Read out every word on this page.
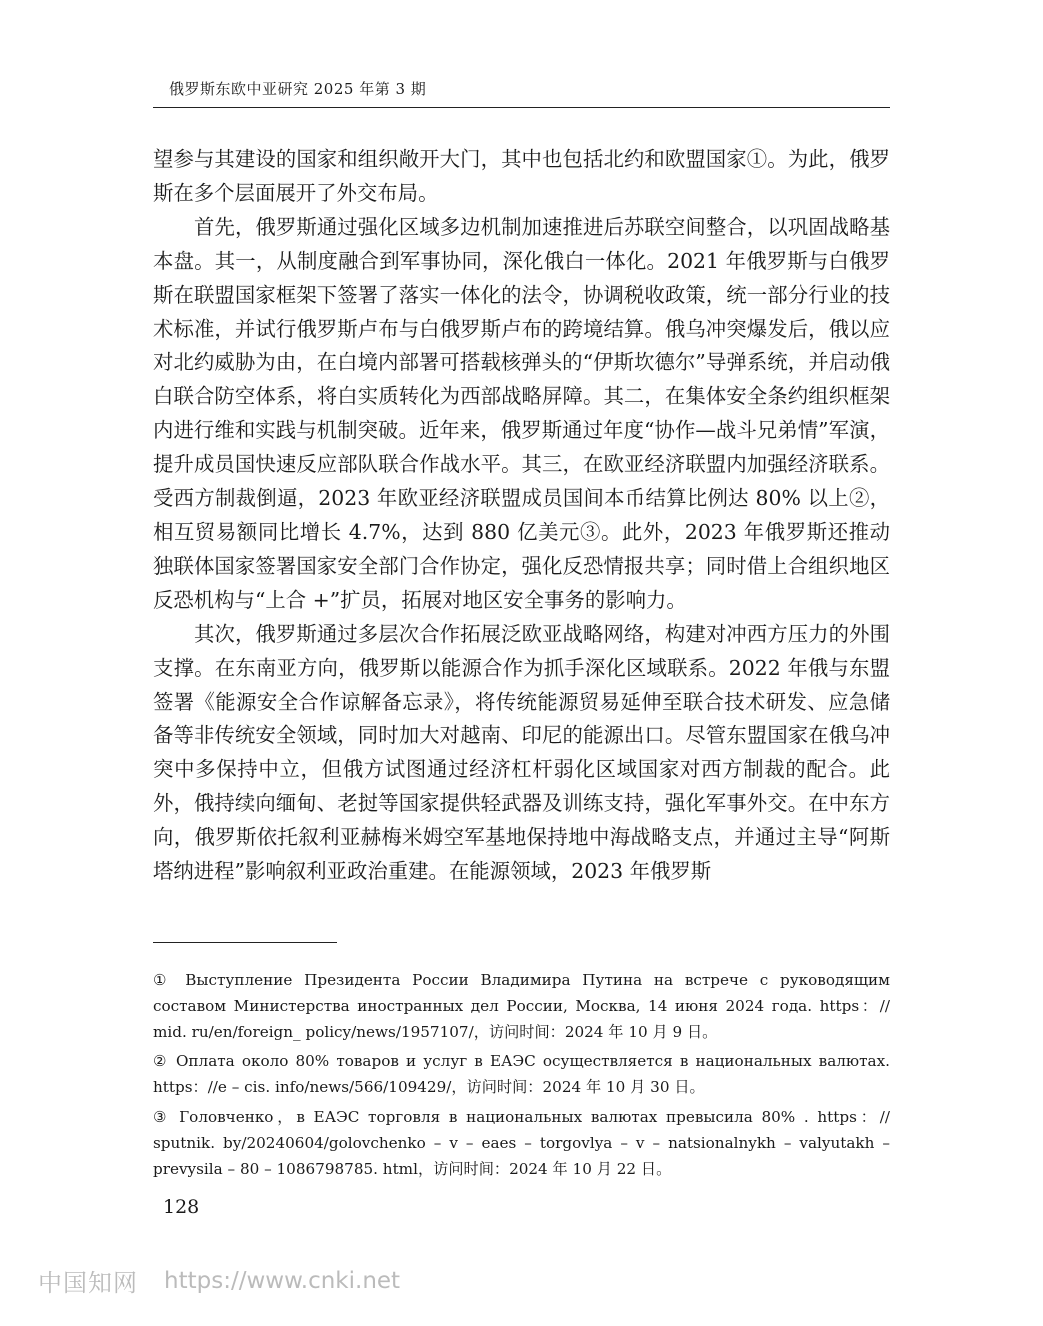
俄罗斯东欧中亚研究 2025 年第 3 期

望参与其建设的国家和组织敞开大门，其中也包括北约和欧盟国家①。为此，俄罗斯在多个层面展开了外交布局。

首先，俄罗斯通过强化区域多边机制加速推进后苏联空间整合，以巩固战略基本盘。其一，从制度融合到军事协同，深化俄白一体化。2021 年俄罗斯与白俄罗斯在联盟国家框架下签署了落实一体化的法令，协调税收政策，统一部分行业的技术标准，并试行俄罗斯卢布与白俄罗斯卢布的跨境结算。俄乌冲突爆发后，俄以应对北约威胁为由，在白境内部署可搭载核弹头的“伊斯坎德尔”导弹系统，并启动俄白联合防空体系，将白实质转化为西部战略屏障。其二，在集体安全条约组织框架内进行维和实践与机制突破。近年来，俄罗斯通过年度“协作—战斗兄弟情”军演，提升成员国快速反应部队联合作战水平。其三，在欧亚经济联盟内加强经济联系。受西方制裁倒逼，2023 年欧亚经济联盟成员国间本币结算比例达 80% 以上②，相互贸易额同比增长 4.7%，达到 880 亿美元③。此外，2023 年俄罗斯还推动独联体国家签署国家安全部门合作协定，强化反恐情报共享；同时借上合组织地区反恐机构与“上合 +”扩员，拓展对地区安全事务的影响力。

其次，俄罗斯通过多层次合作拓展泛欧亚战略网络，构建对冲西方压力的外围支撑。在东南亚方向，俄罗斯以能源合作为抓手深化区域联系。2022 年俄与东盟签署《能源安全合作谅解备忘录》，将传统能源贸易延伸至联合技术研发、应急储备等非传统安全领域，同时加大对越南、印尼的能源出口。尽管东盟国家在俄乌冲突中多保持中立，但俄方试图通过经济杠杆弱化区域国家对西方制裁的配合。此外，俄持续向缅甸、老挝等国家提供轻武器及训练支持，强化军事外交。在中东方向，俄罗斯依托叙利亚赫梅米姆空军基地保持地中海战略支点，并通过主导“阿斯塔纳进程”影响叙利亚政治重建。在能源领域，2023 年俄罗斯

① Выступление Президента России Владимира Путина на встрече с руководящим составом Министерства иностранных дел России, Москва, 14 июня 2024 года. https：// mid. ru/en/foreign_ policy/news/1957107/，访问时间：2024 年 10 月 9 日。

② Оплата около 80% товаров и услуг в ЕАЭС осуществляется в национальных валютах. https：//e – cis. info/news/566/109429/，访问时间：2024 年 10 月 30 日。

③ Головченко，в ЕАЭС торговля в национальных валютах превысила 80% . https：// sputnik. by/20240604/golovchenko – v – eaes – torgovlya – v – natsionalnykh – valyutakh – prevysila – 80 – 1086798785. html，访问时间：2024 年 10 月 22 日。

128
中国知网 https://www.cnki.net
